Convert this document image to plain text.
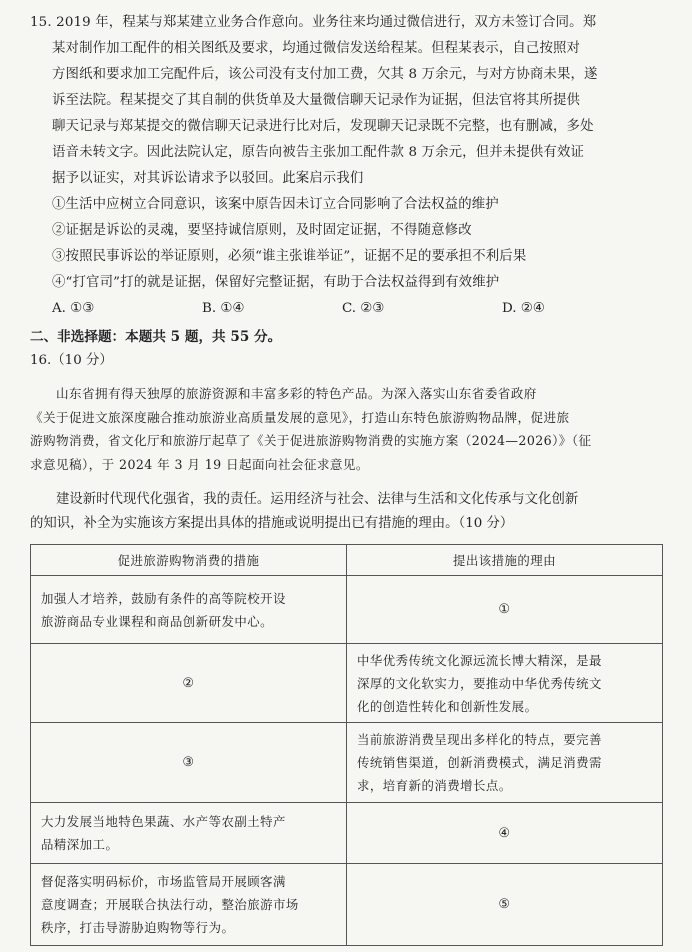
15. 2019 年，程某与郑某建立业务合作意向。业务往来均通过微信进行，双方未签订合同。郑
某对制作加工配件的相关图纸及要求，均通过微信发送给程某。但程某表示，自己按照对
方图纸和要求加工完配件后，该公司没有支付加工费，欠其 8 万余元，与对方协商未果，遂
诉至法院。程某提交了其自制的供货单及大量微信聊天记录作为证据，但法官将其所提供
聊天记录与郑某提交的微信聊天记录进行比对后，发现聊天记录既不完整，也有删减，多处
语音未转文字。因此法院认定，原告向被告主张加工配件款 8 万余元，但并未提供有效证
据予以证实，对其诉讼请求予以驳回。此案启示我们
①生活中应树立合同意识，该案中原告因未订立合同影响了合法权益的维护
②证据是诉讼的灵魂，要坚持诚信原则，及时固定证据，不得随意修改
③按照民事诉讼的举证原则，必须“谁主张谁举证”，证据不足的要承担不利后果
④“打官司”打的就是证据，保留好完整证据，有助于合法权益得到有效维护
A. ①③	B. ①④	C. ②③	D. ②④
二、非选择题：本题共 5 题，共 55 分。
16.（10 分）
山东省拥有得天独厚的旅游资源和丰富多彩的特色产品。为深入落实山东省委省政府
《关于促进文旅深度融合推动旅游业高质量发展的意见》，打造山东特色旅游购物品牌，促进旅
游购物消费，省文化厅和旅游厅起草了《关于促进旅游购物消费的实施方案（2024—2026）》（征
求意见稿），于 2024 年 3 月 19 日起面向社会征求意见。
建设新时代现代化强省，我的责任。运用经济与社会、法律与生活和文化传承与文化创新
的知识，补全为实施该方案提出具体的措施或说明提出已有措施的理由。（10 分）
促进旅游购物消费的措施	提出该措施的理由

加强人才培养，鼓励有条件的高等院校开设
旅游商品专业课程和商品创新研发中心。	①
②	中华优秀传统文化源远流长博大精深，是最
深厚的文化软实力，要推动中华优秀传统文
化的创造性转化和创新性发展。

③	当前旅游消费呈现出多样化的特点，要完善
传统销售渠道，创新消费模式，满足消费需
求，培育新的消费增长点。

大力发展当地特色果蔬、水产等农副土特产
品精深加工。	④

督促落实明码标价，市场监管局开展顾客满
意度调查；开展联合执法行动，整治旅游市场
秩序，打击导游胁迫购物等行为。	⑤
